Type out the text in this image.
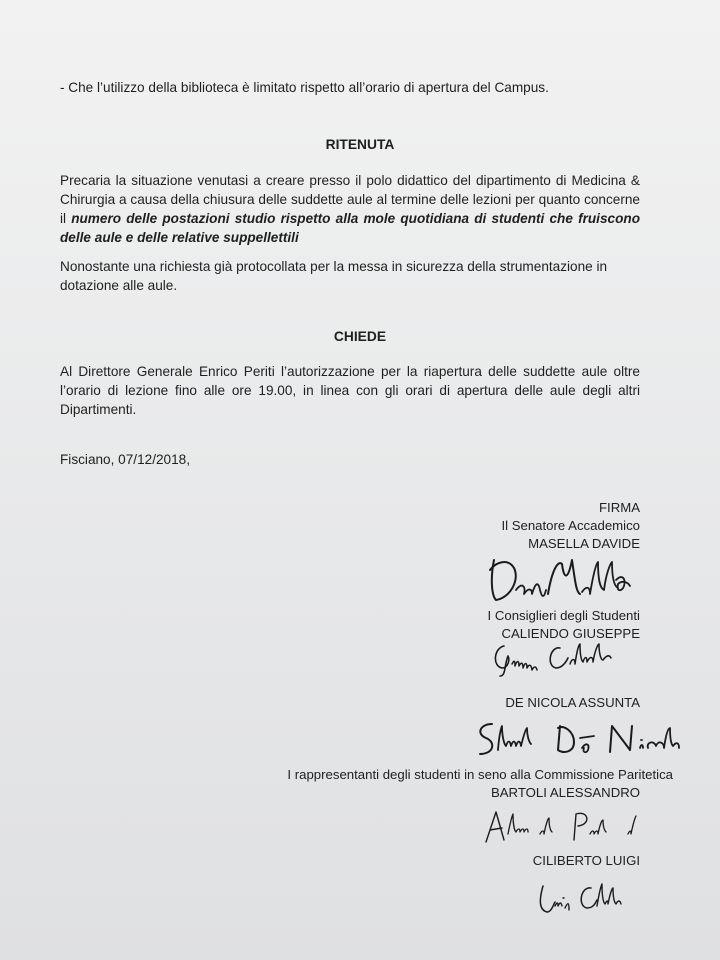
- Che l’utilizzo della biblioteca è limitato rispetto all’orario di apertura del Campus.
RITENUTA
Precaria la situazione venutasi a creare presso il polo didattico del dipartimento di Medicina & Chirurgia a causa della chiusura delle suddette aule al termine delle lezioni per quanto concerne il numero delle postazioni studio rispetto alla mole quotidiana di studenti che fruiscono delle aule e delle relative suppellettili
Nonostante una richiesta già protocollata per la messa in sicurezza della strumentazione in dotazione alle aule.
CHIEDE
Al Direttore Generale Enrico Periti l’autorizzazione per la riapertura delle suddette aule oltre l’orario di lezione fino alle ore 19.00, in linea con gli orari di apertura delle aule degli altri Dipartimenti.
Fisciano, 07/12/2018,
FIRMA
Il Senatore Accademico
MASELLA DAVIDE
I Consiglieri degli Studenti
CALIENDO GIUSEPPE
DE NICOLA ASSUNTA
I rappresentanti degli studenti in seno alla Commissione Paritetica
BARTOLI ALESSANDRO
CILIBERTO LUIGI
